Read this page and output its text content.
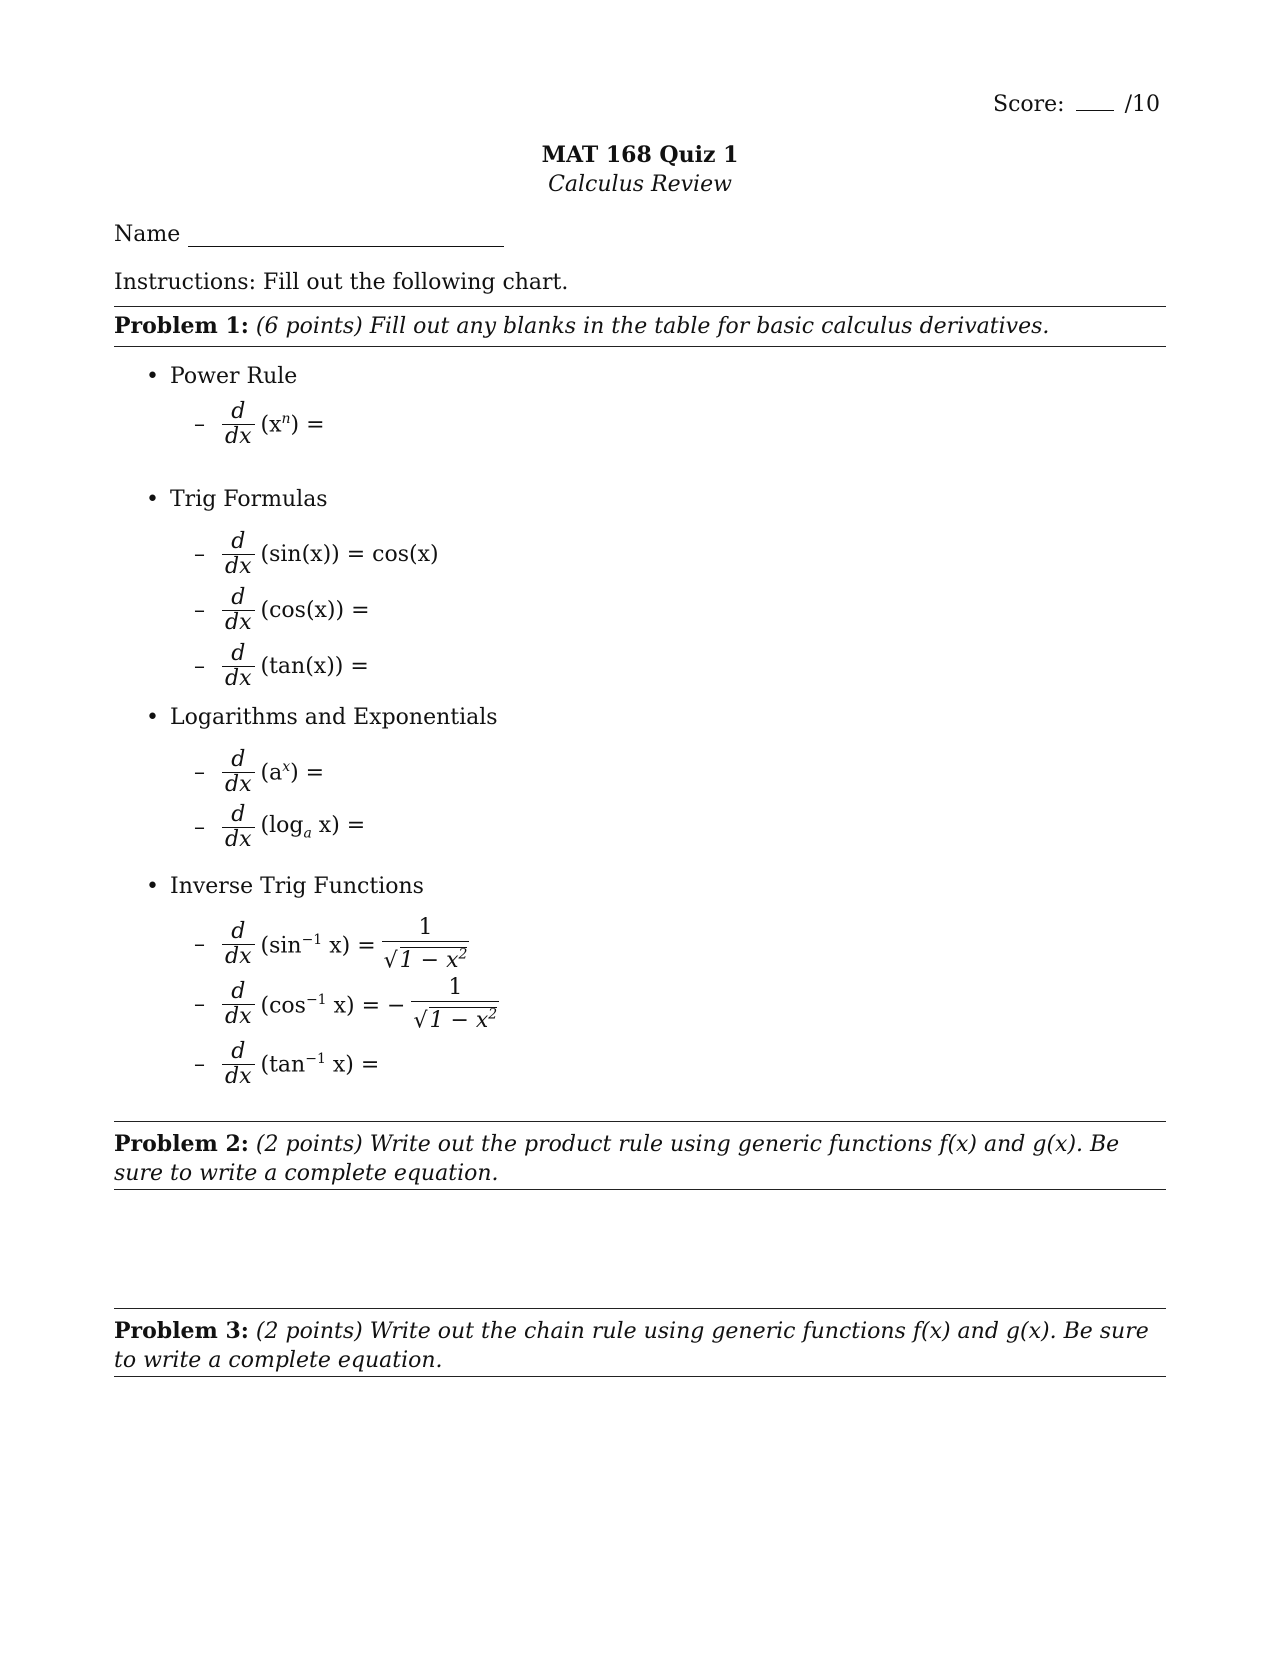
Score:	/10
MAT 168 Quiz 1
Calculus Review
Name
Instructions: Fill out the following chart.
Problem 1: (6 points) Fill out any blanks in the table for basic calculus derivatives.
• Power Rule
– $\frac{d}{dx} (x^n)$ =
• Trig Formulas
– $\frac{d}{dx} (\sin(x)) = \cos(x)$
– $\frac{d}{dx} (\cos(x))$ =
– $\frac{d}{dx} (\tan(x))$ =
• Logarithms and Exponentials
– $\frac{d}{dx} (a^x)$ =
– $\frac{d}{dx} (\log_a$ x) =
• Inverse Trig Functions
– $\frac{d}{dx} (\sin^{-1}$ $x) = \frac{1}{√1 - x^2}$
– $\frac{d}{dx} (\cos^{-1}$ x) = − $\frac{1}{√1 - x^2}$
– $\frac{d}{dx} (\tan^{-1}$ x) =
Problem 2: (2 points) Write out the product rule using generic functions f(x) and g(x). Be sure to write a complete equation.
Problem 3: (2 points) Write out the chain rule using generic functions f(x) and g(x). Be sure to write a complete equation.
